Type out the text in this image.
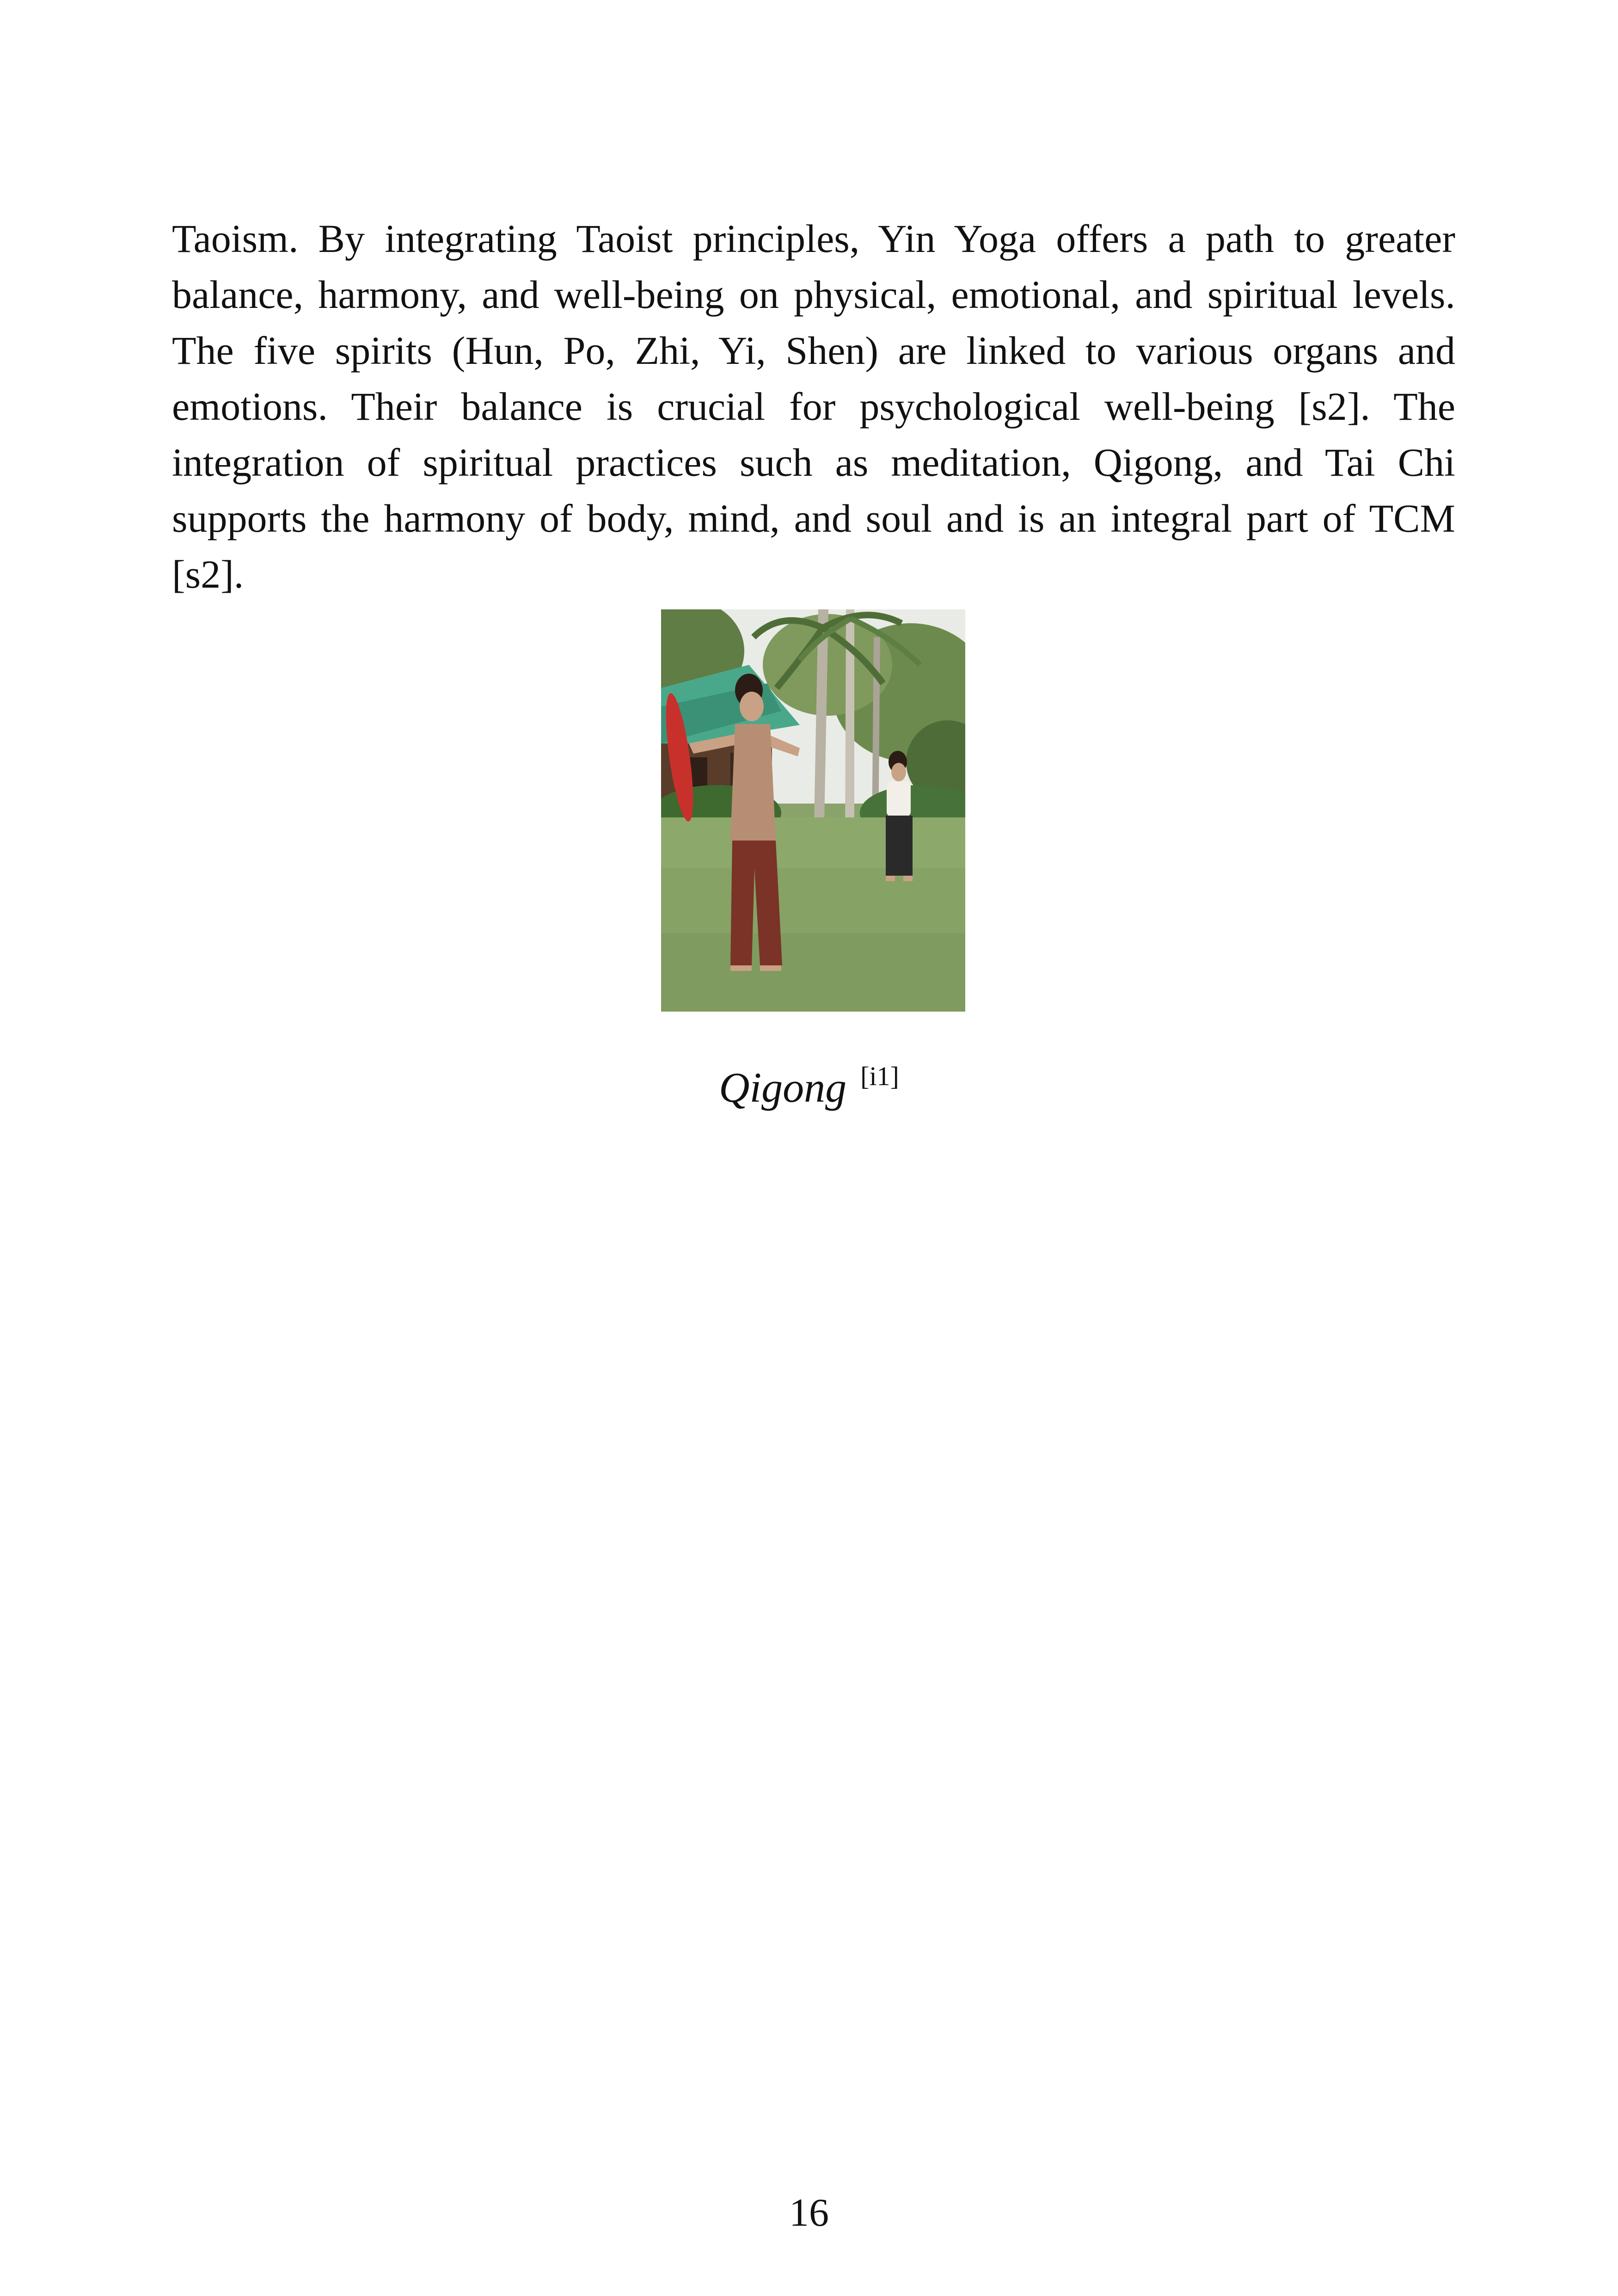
Taoism. By integrating Taoist principles, Yin Yoga offers a path to greater balance, harmony, and well-being on physical, emotional, and spiritual levels. The five spirits (Hun, Po, Zhi, Yi, Shen) are linked to various organs and emotions. Their balance is crucial for psychological well-being [s2]. The integration of spiritual practices such as meditation, Qigong, and Tai Chi supports the harmony of body, mind, and soul and is an integral part of TCM [s2].

Qigong [i1]
16
